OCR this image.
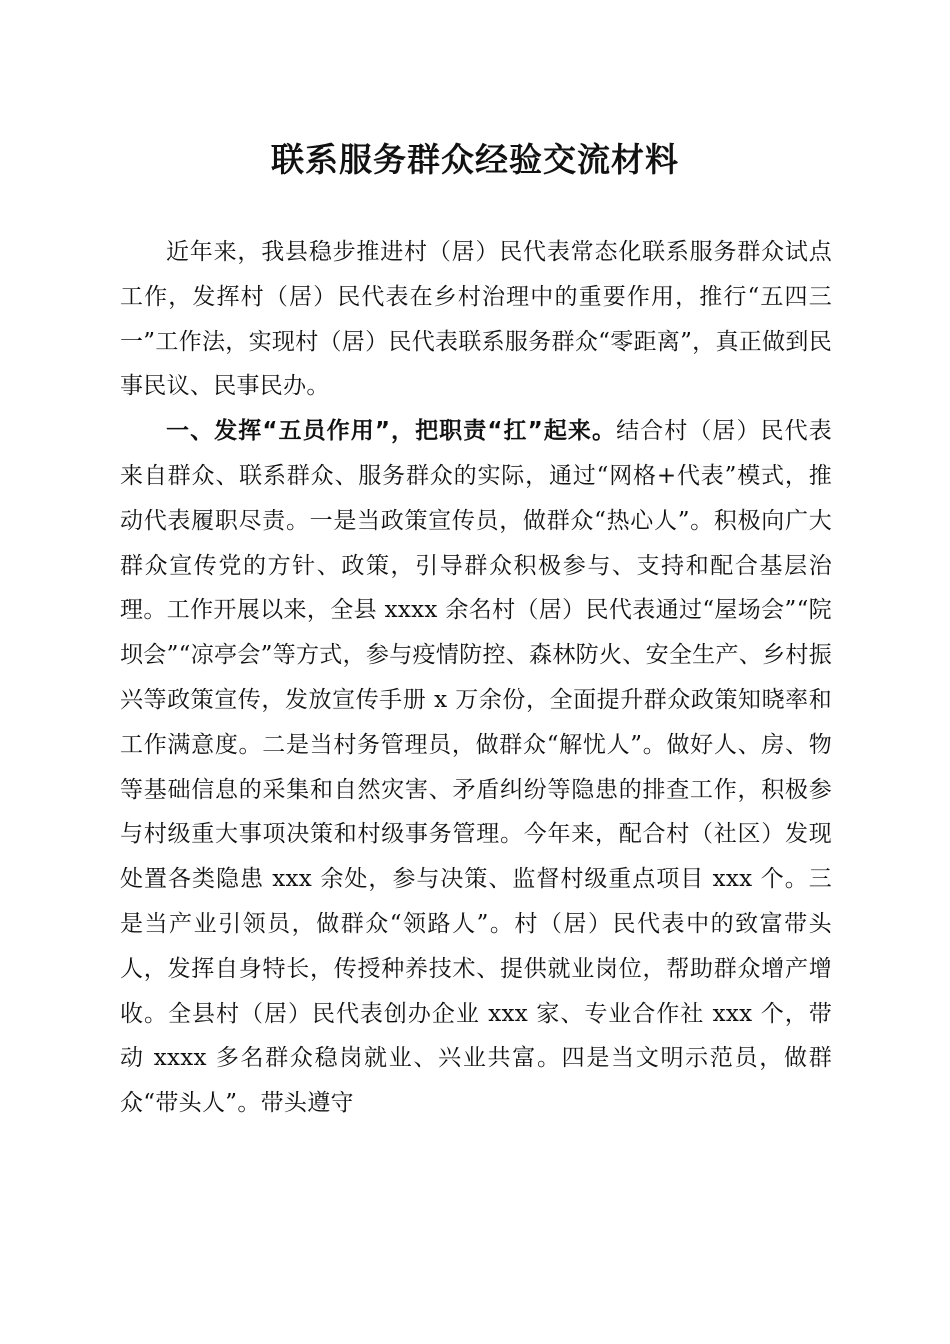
联系服务群众经验交流材料

近年来，我县稳步推进村（居）民代表常态化联系服务群众试点工作，发挥村（居）民代表在乡村治理中的重要作用，推行“五四三一”工作法，实现村（居）民代表联系服务群众“零距离”，真正做到民事民议、民事民办。

一、发挥“五员作用”，把职责“扛”起来。结合村（居）民代表来自群众、联系群众、服务群众的实际，通过“网格+代表”模式，推动代表履职尽责。一是当政策宣传员，做群众“热心人”。积极向广大群众宣传党的方针、政策，引导群众积极参与、支持和配合基层治理。工作开展以来，全县 xxxx 余名村（居）民代表通过“屋场会”“院坝会”“凉亭会”等方式，参与疫情防控、森林防火、安全生产、乡村振兴等政策宣传，发放宣传手册 x 万余份，全面提升群众政策知晓率和工作满意度。二是当村务管理员，做群众“解忧人”。做好人、房、物等基础信息的采集和自然灾害、矛盾纠纷等隐患的排查工作，积极参与村级重大事项决策和村级事务管理。今年来，配合村（社区）发现处置各类隐患 xxx 余处，参与决策、监督村级重点项目 xxx 个。三是当产业引领员，做群众“领路人”。村（居）民代表中的致富带头人，发挥自身特长，传授种养技术、提供就业岗位，帮助群众增产增收。全县村（居）民代表创办企业 xxx 家、专业合作社 xxx 个，带动 xxxx 多名群众稳岗就业、兴业共富。四是当文明示范员，做群众“带头人”。带头遵守
